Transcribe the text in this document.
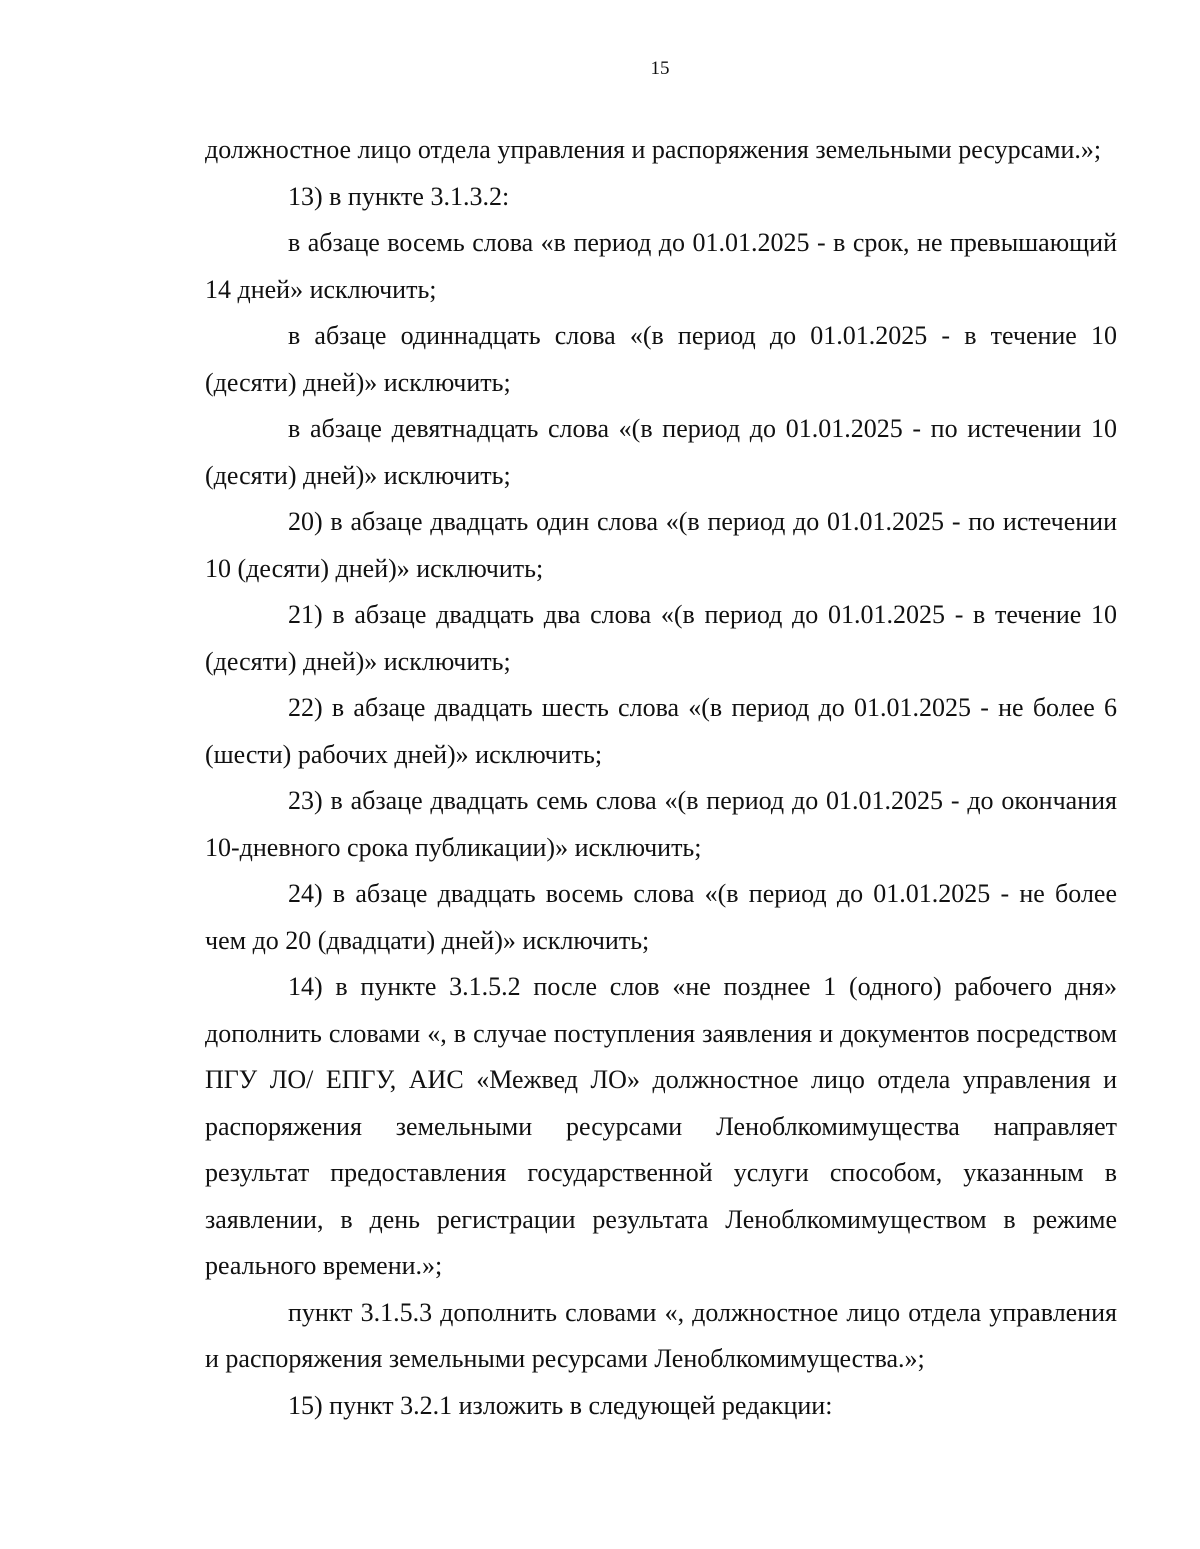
15

должностное лицо отдела управления и распоряжения земельными ресурсами.»;

13) в пункте 3.1.3.2:

в абзаце восемь слова «в период до 01.01.2025 - в срок, не превышающий 14 дней» исключить;

в абзаце одиннадцать слова «(в период до 01.01.2025 - в течение 10 (десяти) дней)» исключить;

в абзаце девятнадцать слова «(в период до 01.01.2025 - по истечении 10 (десяти) дней)» исключить;

20) в абзаце двадцать один слова «(в период до 01.01.2025 - по истечении 10 (десяти) дней)» исключить;

21) в абзаце двадцать два слова «(в период до 01.01.2025 - в течение 10 (десяти) дней)» исключить;

22) в абзаце двадцать шесть слова «(в период до 01.01.2025 - не более 6 (шести) рабочих дней)» исключить;

23) в абзаце двадцать семь слова «(в период до 01.01.2025 - до окончания 10-дневного срока публикации)» исключить;

24) в абзаце двадцать восемь слова «(в период до 01.01.2025 - не более чем до 20 (двадцати) дней)» исключить;

14) в пункте 3.1.5.2 после слов «не позднее 1 (одного) рабочего дня» дополнить словами «, в случае поступления заявления и документов посредством ПГУ ЛО/ ЕПГУ, АИС «Межвед ЛО» должностное лицо отдела управления и распоряжения земельными ресурсами Леноблкомимущества направляет результат предоставления государственной услуги способом, указанным в заявлении, в день регистрации результата Леноблкомимуществом в режиме реального времени.»;

пункт 3.1.5.3 дополнить словами «, должностное лицо отдела управления и распоряжения земельными ресурсами Леноблкомимущества.»;

15) пункт 3.2.1 изложить в следующей редакции:
